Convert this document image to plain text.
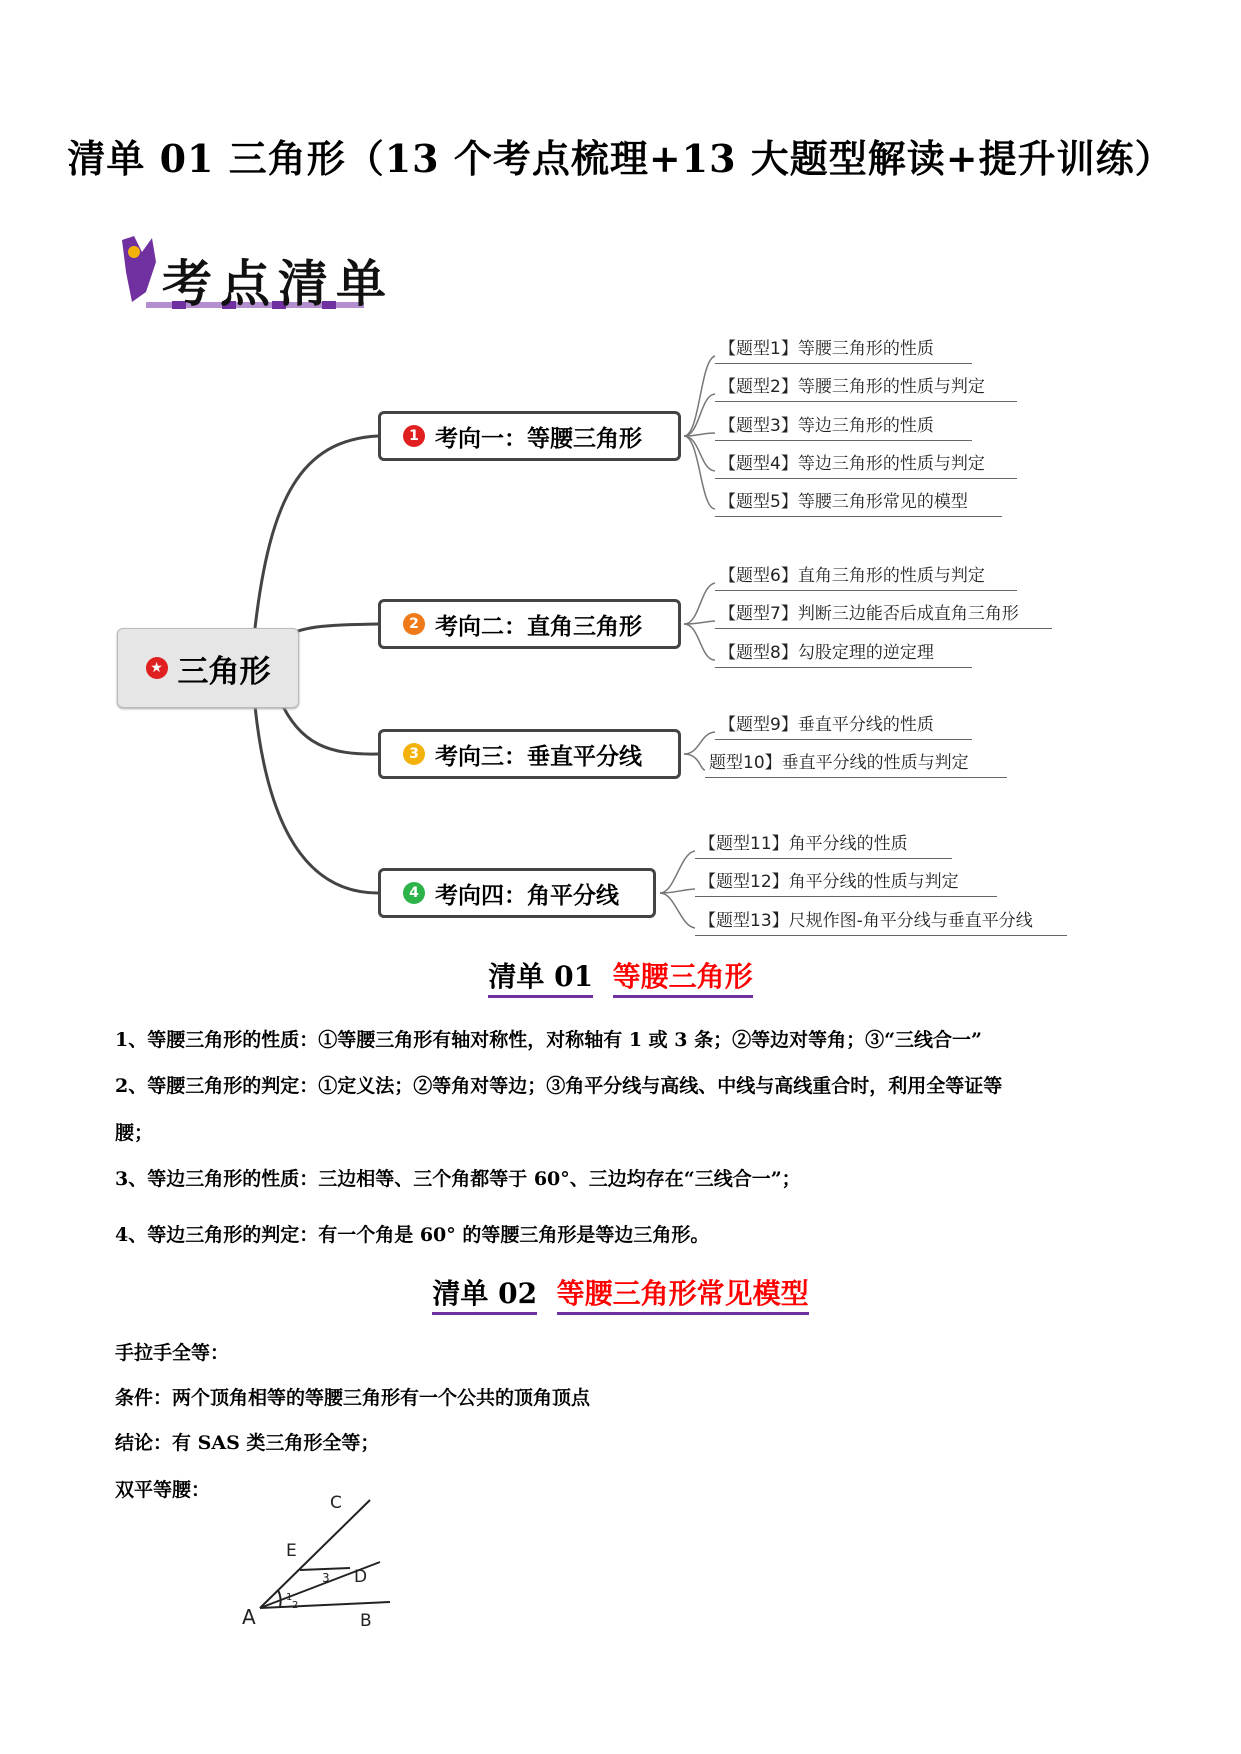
清单 01 三角形（13 个考点梳理+13 大题型解读+提升训练）
考点清单
★ 三角形
1 考向一：等腰三角形
2 考向二：直角三角形
3 考向三：垂直平分线
4 考向四：角平分线
【题型1】等腰三角形的性质
【题型2】等腰三角形的性质与判定
【题型3】等边三角形的性质
【题型4】等边三角形的性质与判定
【题型5】等腰三角形常见的模型
【题型6】直角三角形的性质与判定
【题型7】判断三边能否后成直角三角形
【题型8】勾股定理的逆定理
【题型9】垂直平分线的性质
题型10】垂直平分线的性质与判定
【题型11】角平分线的性质
【题型12】角平分线的性质与判定
【题型13】尺规作图-角平分线与垂直平分线
清单 01 等腰三角形
1、等腰三角形的性质：①等腰三角形有轴对称性，对称轴有 1 或 3 条；②等边对等角；③“三线合一”
2、等腰三角形的判定：①定义法；②等角对等边；③角平分线与高线、中线与高线重合时，利用全等证等
腰；
3、等边三角形的性质：三边相等、三个角都等于 60°、三边均存在“三线合一”；
4、等边三角形的判定：有一个角是 60° 的等腰三角形是等边三角形。
清单 02 等腰三角形常见模型
手拉手全等：
条件：两个顶角相等的等腰三角形有一个公共的顶角顶点
结论：有 SAS 类三角形全等；
双平等腰：
C
E
3 D
1
2
A	B
